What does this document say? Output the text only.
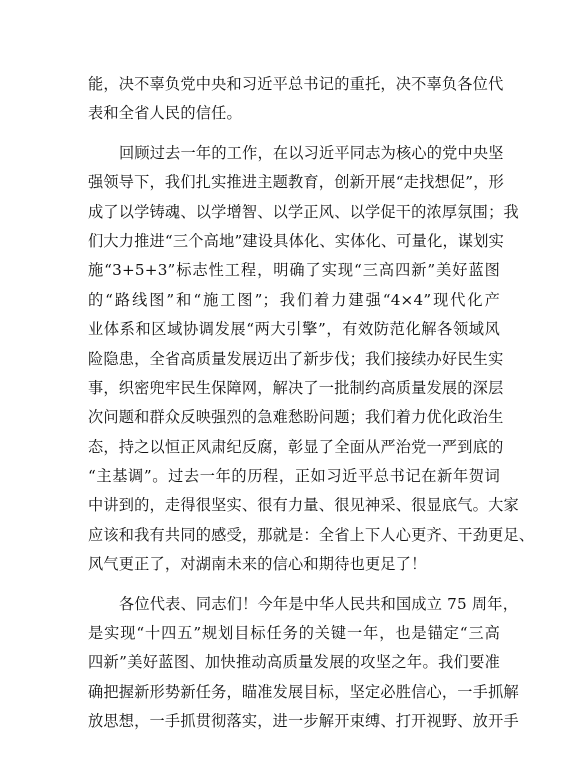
能，决不辜负党中央和习近平总书记的重托，决不辜负各位代
表和全省人民的信任。
回顾过去一年的工作，在以习近平同志为核心的党中央坚
强领导下，我们扎实推进主题教育，创新开展“走找想促”，形
成了以学铸魂、以学增智、以学正风、以学促干的浓厚氛围；我
们大力推进“三个高地”建设具体化、实体化、可量化，谋划实
施“3+5+3”标志性工程，明确了实现“三高四新”美好蓝图
的“路线图”和“施工图”；我们着力建强“4×4”现代化产
业体系和区域协调发展“两大引擎”，有效防范化解各领域风
险隐患，全省高质量发展迈出了新步伐；我们接续办好民生实
事，织密兜牢民生保障网，解决了一批制约高质量发展的深层
次问题和群众反映强烈的急难愁盼问题；我们着力优化政治生
态，持之以恒正风肃纪反腐，彰显了全面从严治党一严到底的
“主基调”。过去一年的历程，正如习近平总书记在新年贺词
中讲到的，走得很坚实、很有力量、很见神采、很显底气。大家
应该和我有共同的感受，那就是：全省上下人心更齐、干劲更足、
风气更正了，对湖南未来的信心和期待也更足了！
各位代表、同志们！今年是中华人民共和国成立 75 周年，
是实现“十四五”规划目标任务的关键一年，也是锚定“三高
四新”美好蓝图、加快推动高质量发展的攻坚之年。我们要准
确把握新形势新任务，瞄准发展目标，坚定必胜信心，一手抓解
放思想，一手抓贯彻落实，进一步解开束缚、打开视野、放开手
